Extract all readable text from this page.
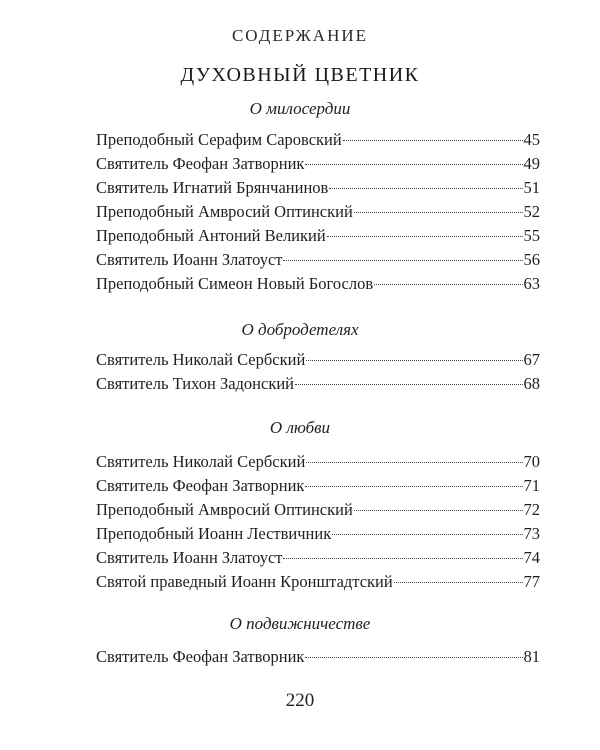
СОДЕРЖАНИЕ
ДУХОВНЫЙ ЦВЕТНИК
О милосердии
Преподобный Серафим Саровский	45
Святитель Феофан Затворник	49
Святитель Игнатий Брянчанинов	51
Преподобный Амвросий Оптинский	52
Преподобный Антоний Великий	55
Святитель Иоанн Златоуст	56
Преподобный Симеон Новый Богослов	63
О добродетелях
Святитель Николай Сербский	67
Святитель Тихон Задонский	68
О любви
Святитель Николай Сербский	70
Святитель Феофан Затворник	71
Преподобный Амвросий Оптинский	72
Преподобный Иоанн Лествичник	73
Святитель Иоанн Златоуст	74
Святой праведный Иоанн Кронштадтский	77
О подвижничестве
Святитель Феофан Затворник	81
220
